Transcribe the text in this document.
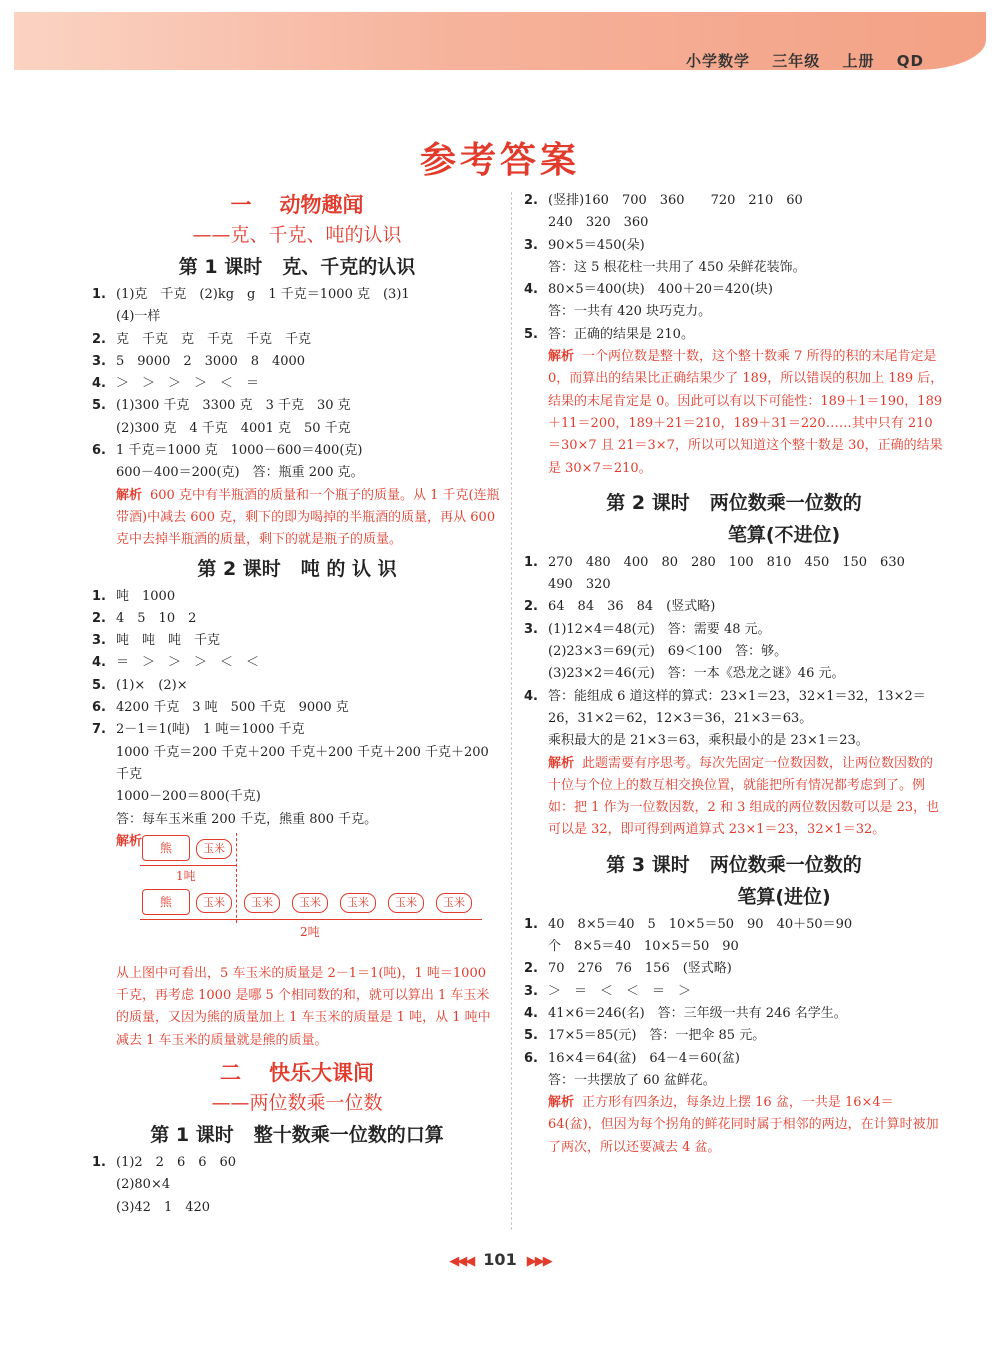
小学数学 三年级 上册 QD
参考答案
一 动物趣闻
——克、千克、吨的认识
第 1 课时 克、千克的认识
1. (1)克　千克　(2)kg　g　1 千克＝1000 克　(3)1
(4)一样
2. 克　千克　克　千克　千克　千克
3. 5　9000　2　3000　8　4000
4. ＞　＞　＞　＞　＜　＝
5. (1)300 千克　3300 克　3 千克　30 克
(2)300 克　4 千克　4001 克　50 千克
6. 1 千克＝1000 克　1000－600＝400(克)
600－400＝200(克)　答：瓶重 200 克。
解析 600 克中有半瓶酒的质量和一个瓶子的质量。从 1 千克(连瓶带酒)中减去 600 克，剩下的即为喝掉的半瓶酒的质量，再从 600 克中去掉半瓶酒的质量，剩下的就是瓶子的质量。
第 2 课时 吨 的 认 识
1. 吨　1000
2. 4　5　10　2
3. 吨　吨　吨　千克
4. ＝　＞　＞　＞　＜　＜
5. (1)×　(2)×
6. 4200 千克　3 吨　500 千克　9000 克
7. 2－1＝1(吨)　1 吨＝1000 千克
1000 千克＝200 千克＋200 千克＋200 千克＋200 千克＋200 千克
1000－200＝800(千克)
答：每车玉米重 200 千克，熊重 800 千克。
解析	熊	玉米
1吨
熊	玉米	玉米	玉米	玉米	玉米	玉米
2吨
从上图中可看出，5 车玉米的质量是 2－1＝1(吨)，1 吨＝1000 千克，再考虑 1000 是哪 5 个相同数的和，就可以算出 1 车玉米的质量，又因为熊的质量加上 1 车玉米的质量是 1 吨，从 1 吨中减去 1 车玉米的质量就是熊的质量。
二 快乐大课间
——两位数乘一位数
第 1 课时 整十数乘一位数的口算
1. (1)2　2　6　6　60
(2)80×4
(3)42　1　420
2. (竖排)160　700　360　　720　210　60
240　320　360
3. 90×5＝450(朵)
答：这 5 根花柱一共用了 450 朵鲜花装饰。
4. 80×5＝400(块)　400＋20＝420(块)
答：一共有 420 块巧克力。
5. 答：正确的结果是 210。
解析 一个两位数是整十数，这个整十数乘 7 所得的积的末尾肯定是 0，而算出的结果比正确结果少了 189，所以错误的积加上 189 后，结果的末尾肯定是 0。因此可以有以下可能性：189＋1＝190，189＋11＝200，189＋21＝210，189＋31＝220……其中只有 210＝30×7 且 21＝3×7，所以可以知道这个整十数是 30，正确的结果是 30×7＝210。
第 2 课时 两位数乘一位数的
笔算(不进位)
1. 270　480　400　80　280　100　810　450　150　630
490　320
2. 64　84　36　84　(竖式略)
3. (1)12×4＝48(元)　答：需要 48 元。
(2)23×3＝69(元)　69＜100　答：够。
(3)23×2＝46(元)　答：一本《恐龙之谜》46 元。
4. 答：能组成 6 道这样的算式：23×1＝23，32×1＝32，13×2＝26，31×2＝62，12×3＝36，21×3＝63。
乘积最大的是 21×3＝63，乘积最小的是 23×1＝23。
解析 此题需要有序思考。每次先固定一位数因数，让两位数因数的十位与个位上的数互相交换位置，就能把所有情况都考虑到了。例如：把 1 作为一位数因数，2 和 3 组成的两位数因数可以是 23，也可以是 32，即可得到两道算式 23×1＝23，32×1＝32。
第 3 课时 两位数乘一位数的
笔算(进位)
1. 40　8×5＝40　5　10×5＝50　90　40＋50＝90
个　8×5＝40　10×5＝50　90
2. 70　276　76　156　(竖式略)
3. ＞　＝　＜　＜　＝　＞
4. 41×6＝246(名)　答：三年级一共有 246 名学生。
5. 17×5＝85(元)　答：一把伞 85 元。
6. 16×4＝64(盆)　64－4＝60(盆)
答：一共摆放了 60 盆鲜花。
解析 正方形有四条边，每条边上摆 16 盆，一共是 16×4＝64(盆)，但因为每个拐角的鲜花同时属于相邻的两边，在计算时被加了两次，所以还要减去 4 盆。
◀◀◀ 101 ▶▶▶
